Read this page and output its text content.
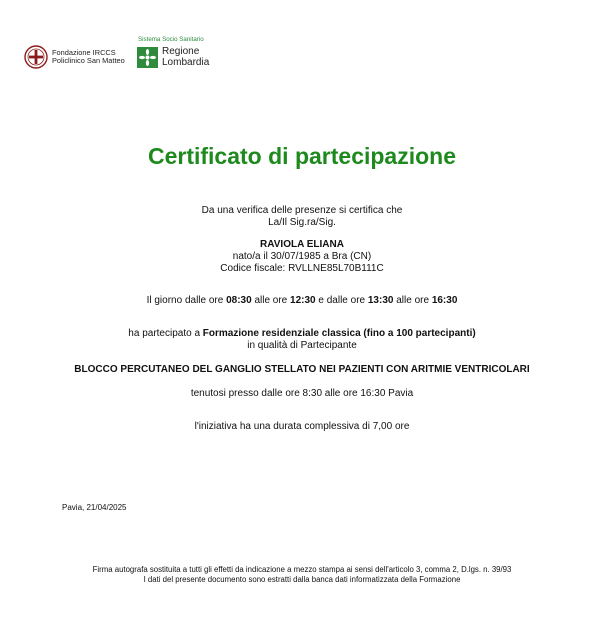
Fondazione IRCCS
Policlinico San Matteo
Sistema Socio Sanitario
Regione
Lombardia
Certificato di partecipazione
Da una verifica delle presenze si certifica che
La/Il Sig.ra/Sig.
RAVIOLA ELIANA
nato/a il 30/07/1985 a Bra (CN)
Codice fiscale: RVLLNE85L70B111C
Il giorno dalle ore 08:30 alle ore 12:30 e dalle ore 13:30 alle ore 16:30
ha partecipato a Formazione residenziale classica (fino a 100 partecipanti)
in qualità di Partecipante
BLOCCO PERCUTANEO DEL GANGLIO STELLATO NEI PAZIENTI CON ARITMIE VENTRICOLARI
tenutosi presso dalle ore 8:30 alle ore 16:30 Pavia
l'iniziativa ha una durata complessiva di 7,00 ore
Pavia, 21/04/2025
Firma autografa sostituita a tutti gli effetti da indicazione a mezzo stampa ai sensi dell'articolo 3, comma 2, D.lgs. n. 39/93
I dati del presente documento sono estratti dalla banca dati informatizzata della Formazione
